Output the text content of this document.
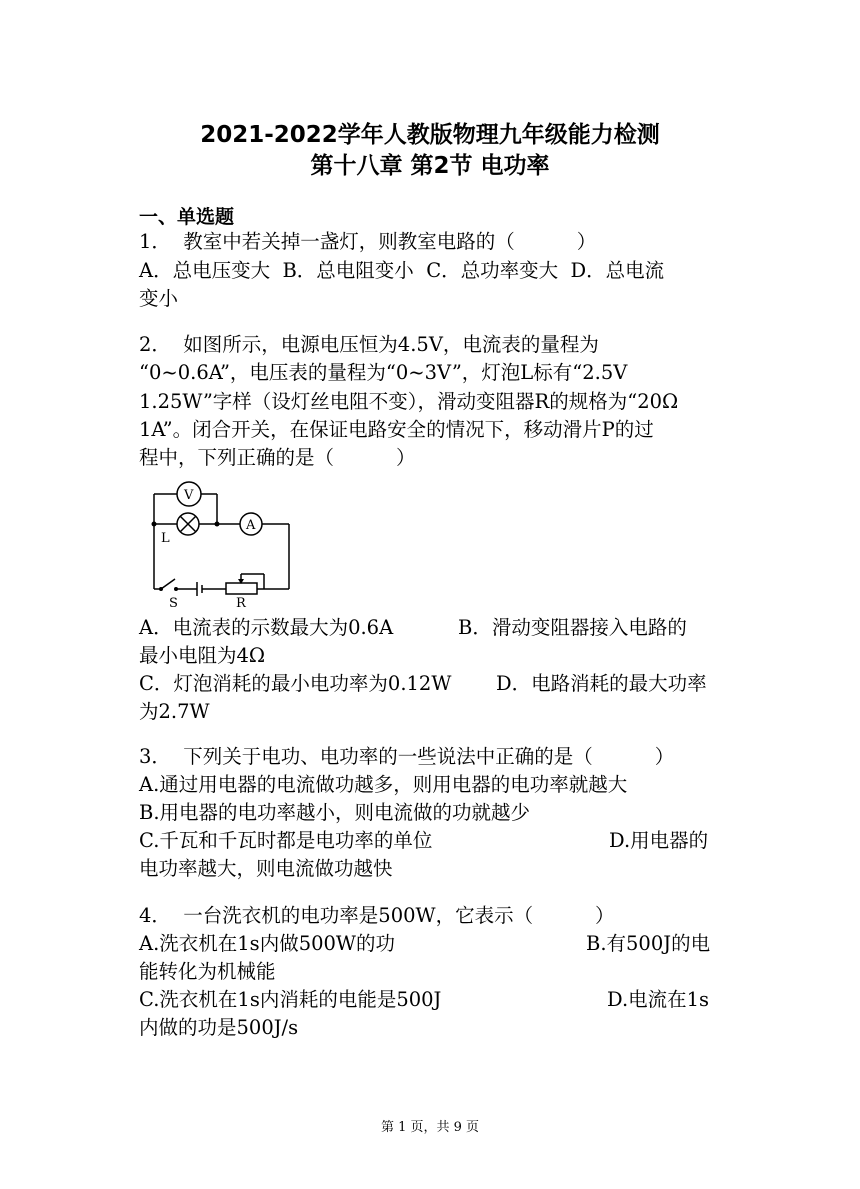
2021-2022学年人教版物理九年级能力检测
第十八章 第2节 电功率
一、单选题
1．  教室中若关掉一盏灯，则教室电路的（          ）
A．总电压变大  B．总电阻变小  C．总功率变大  D．总电流
变小
2．  如图所示，电源电压恒为4.5V，电流表的量程为
“0~0.6A”，电压表的量程为“0~3V”，灯泡L标有“2.5V
1.25W”字样（设灯丝电阻不变），滑动变阻器R的规格为“20Ω
1A”。闭合开关，在保证电路安全的情况下，移动滑片P的过
程中，下列正确的是（          ）
V
A
L
S	R
A．电流表的示数最大为0.6A	B．滑动变阻器接入电路的
最小电阻为4Ω
C．灯泡消耗的最小电功率为0.12W D．电路消耗的最大功率
为2.7W
3．  下列关于电功、电功率的一些说法中正确的是（          ）
A.通过用电器的电流做功越多，则用电器的电功率就越大
B.用电器的电功率越小，则电流做的功就越少
C.千瓦和千瓦时都是电功率的单位	D.用电器的
电功率越大，则电流做功越快
4．  一台洗衣机的电功率是500W，它表示（          ）
A.洗衣机在1s内做500W的功	B.有500J的电
能转化为机械能
C.洗衣机在1s内消耗的电能是500J	D.电流在1s
内做的功是500J/s
第 1 页，共 9 页
